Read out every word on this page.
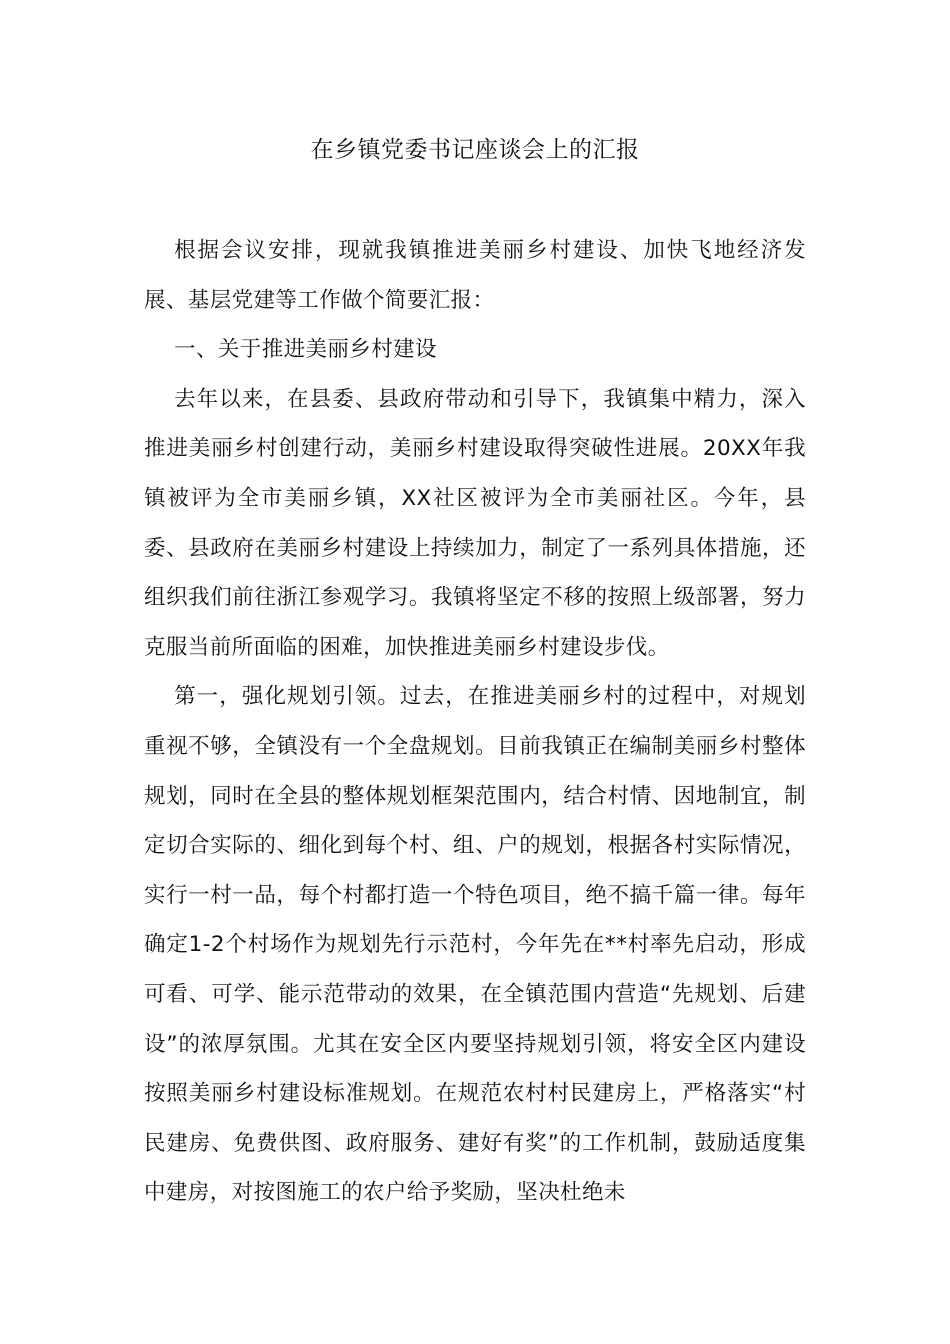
在乡镇党委书记座谈会上的汇报

根据会议安排，现就我镇推进美丽乡村建设、加快飞地经济发展、基层党建等工作做个简要汇报：

一、关于推进美丽乡村建设

去年以来，在县委、县政府带动和引导下，我镇集中精力，深入推进美丽乡村创建行动，美丽乡村建设取得突破性进展。20XX年我镇被评为全市美丽乡镇，XX社区被评为全市美丽社区。今年，县委、县政府在美丽乡村建设上持续加力，制定了一系列具体措施，还组织我们前往浙江参观学习。我镇将坚定不移的按照上级部署，努力克服当前所面临的困难，加快推进美丽乡村建设步伐。

第一，强化规划引领。过去，在推进美丽乡村的过程中，对规划重视不够，全镇没有一个全盘规划。目前我镇正在编制美丽乡村整体规划，同时在全县的整体规划框架范围内，结合村情、因地制宜，制定切合实际的、细化到每个村、组、户的规划，根据各村实际情况，实行一村一品，每个村都打造一个特色项目，绝不搞千篇一律。每年确定1-2个村场作为规划先行示范村，今年先在**村率先启动，形成可看、可学、能示范带动的效果，在全镇范围内营造“先规划、后建设”的浓厚氛围。尤其在安全区内要坚持规划引领，将安全区内建设按照美丽乡村建设标准规划。在规范农村村民建房上，严格落实“村民建房、免费供图、政府服务、建好有奖”的工作机制，鼓励适度集中建房，对按图施工的农户给予奖励，坚决杜绝未
